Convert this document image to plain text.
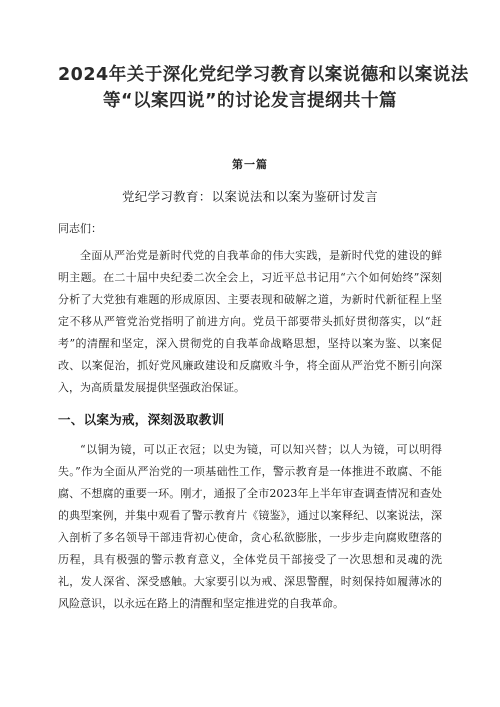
2024年关于深化党纪学习教育以案说德和以案说法
等“以案四说”的讨论发言提纲共十篇
第一篇
党纪学习教育：以案说法和以案为鉴研讨发言
同志们：

全面从严治党是新时代党的自我革命的伟大实践，是新时代党的建设的鲜明主题。在二十届中央纪委二次全会上，习近平总书记用“六个如何始终”深刻分析了大党独有难题的形成原因、主要表现和破解之道，为新时代新征程上坚定不移从严管党治党指明了前进方向。党员干部要带头抓好贯彻落实，以“赶考”的清醒和坚定，深入贯彻党的自我革命战略思想，坚持以案为鉴、以案促改、以案促治，抓好党风廉政建设和反腐败斗争，将全面从严治党不断引向深入，为高质量发展提供坚强政治保证。

一、以案为戒，深刻汲取教训

“以铜为镜，可以正衣冠；以史为镜，可以知兴替；以人为镜，可以明得失。”作为全面从严治党的一项基础性工作，警示教育是一体推进不敢腐、不能腐、不想腐的重要一环。刚才，通报了全市2023年上半年审查调查情况和查处的典型案例，并集中观看了警示教育片《镜鉴》，通过以案释纪、以案说法，深入剖析了多名领导干部违背初心使命，贪心私欲膨胀，一步步走向腐败堕落的历程，具有极强的警示教育意义，全体党员干部接受了一次思想和灵魂的洗礼，发人深省、深受感触。大家要引以为戒、深思警醒，时刻保持如履薄冰的风险意识，以永远在路上的清醒和坚定推进党的自我革命。
